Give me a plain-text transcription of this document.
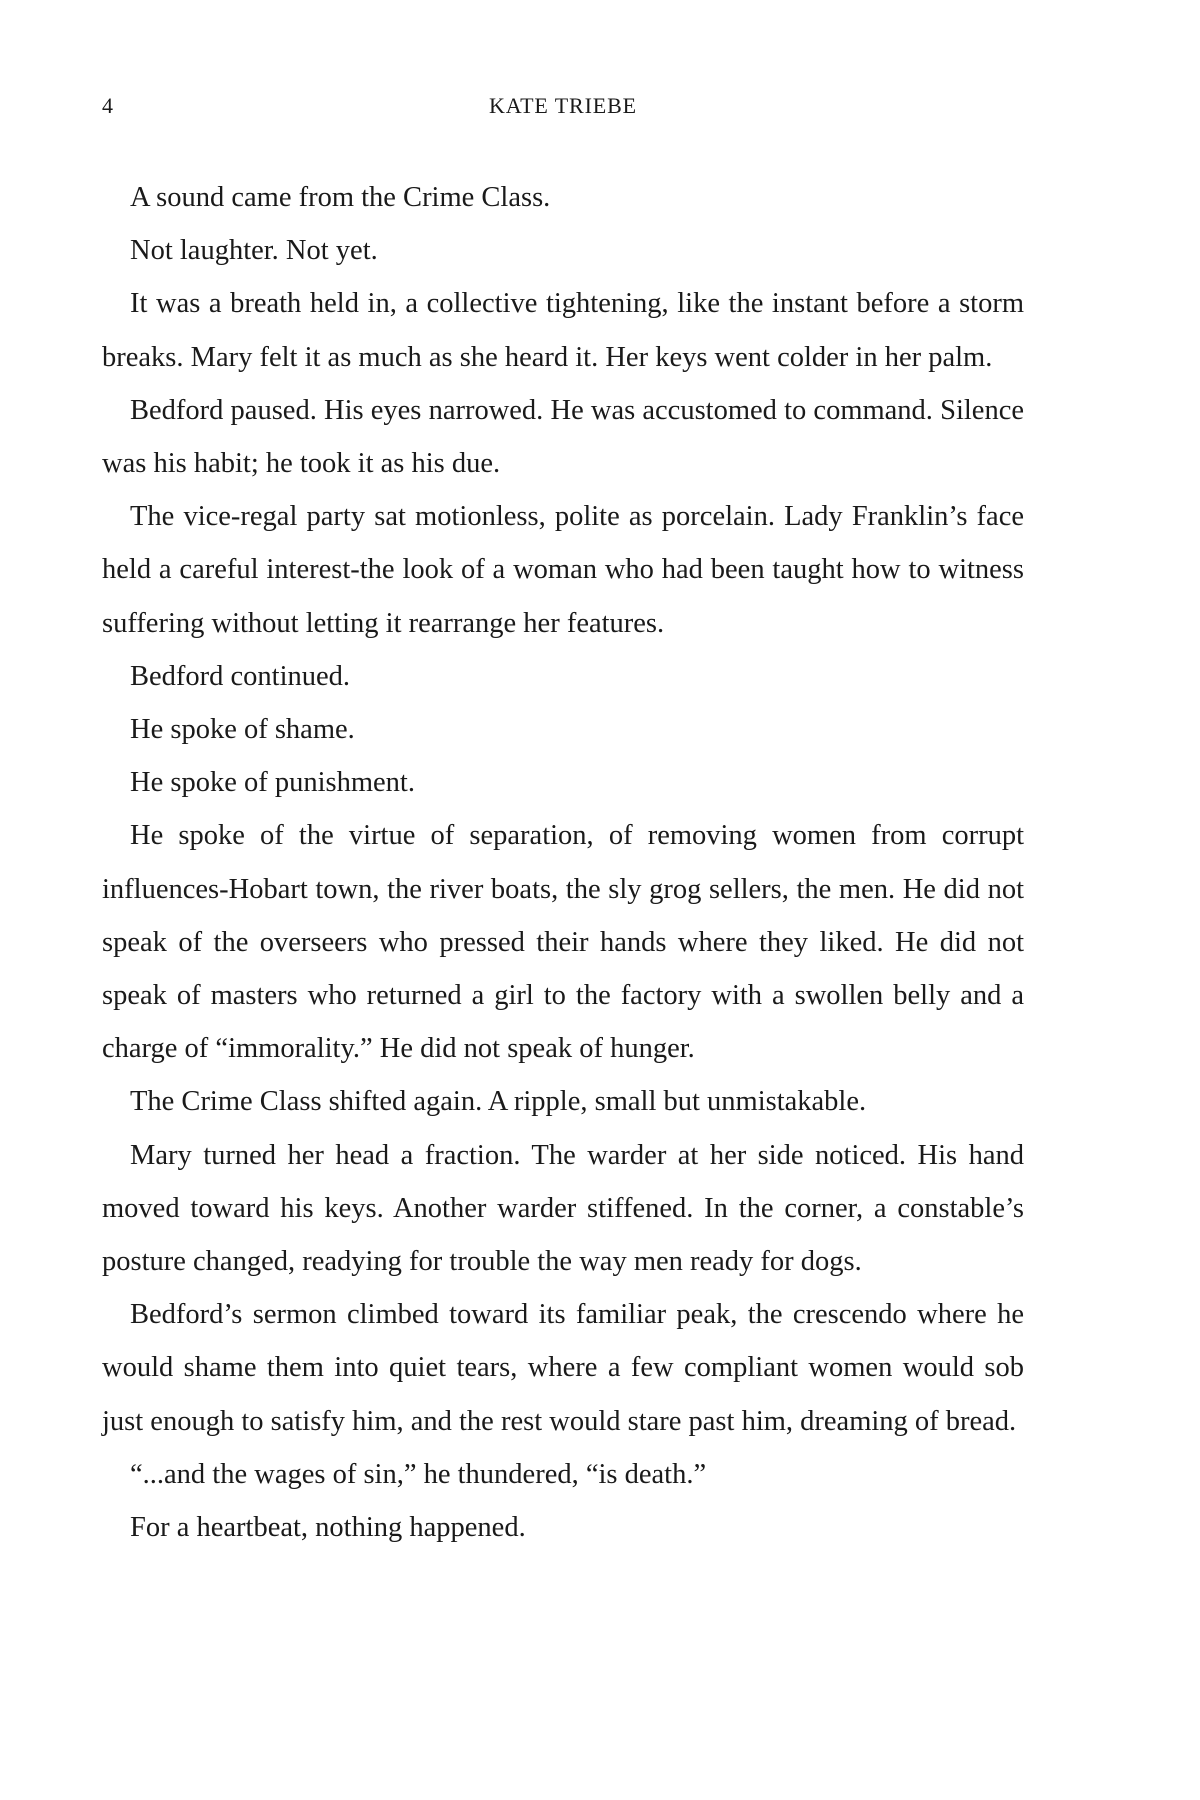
4	KATE TRIEBE

A sound came from the Crime Class.

Not laughter. Not yet.

It was a breath held in, a collective tightening, like the instant before a storm breaks. Mary felt it as much as she heard it. Her keys went colder in her palm.

Bedford paused. His eyes narrowed. He was accustomed to command. Silence was his habit; he took it as his due.

The vice-regal party sat motionless, polite as porcelain. Lady Franklin’s face held a careful interest-the look of a woman who had been taught how to witness suffering without letting it rearrange her features.

Bedford continued.

He spoke of shame.

He spoke of punishment.

He spoke of the virtue of separation, of removing women from corrupt influences-Hobart town, the river boats, the sly grog sellers, the men. He did not speak of the overseers who pressed their hands where they liked. He did not speak of masters who returned a girl to the factory with a swollen belly and a charge of “immorality.” He did not speak of hunger.

The Crime Class shifted again. A ripple, small but unmistakable.

Mary turned her head a fraction. The warder at her side noticed. His hand moved toward his keys. Another warder stiffened. In the corner, a constable’s posture changed, readying for trouble the way men ready for dogs.

Bedford’s sermon climbed toward its familiar peak, the crescendo where he would shame them into quiet tears, where a few compliant women would sob just enough to satisfy him, and the rest would stare past him, dreaming of bread.

“...and the wages of sin,” he thundered, “is death.”

For a heartbeat, nothing happened.
